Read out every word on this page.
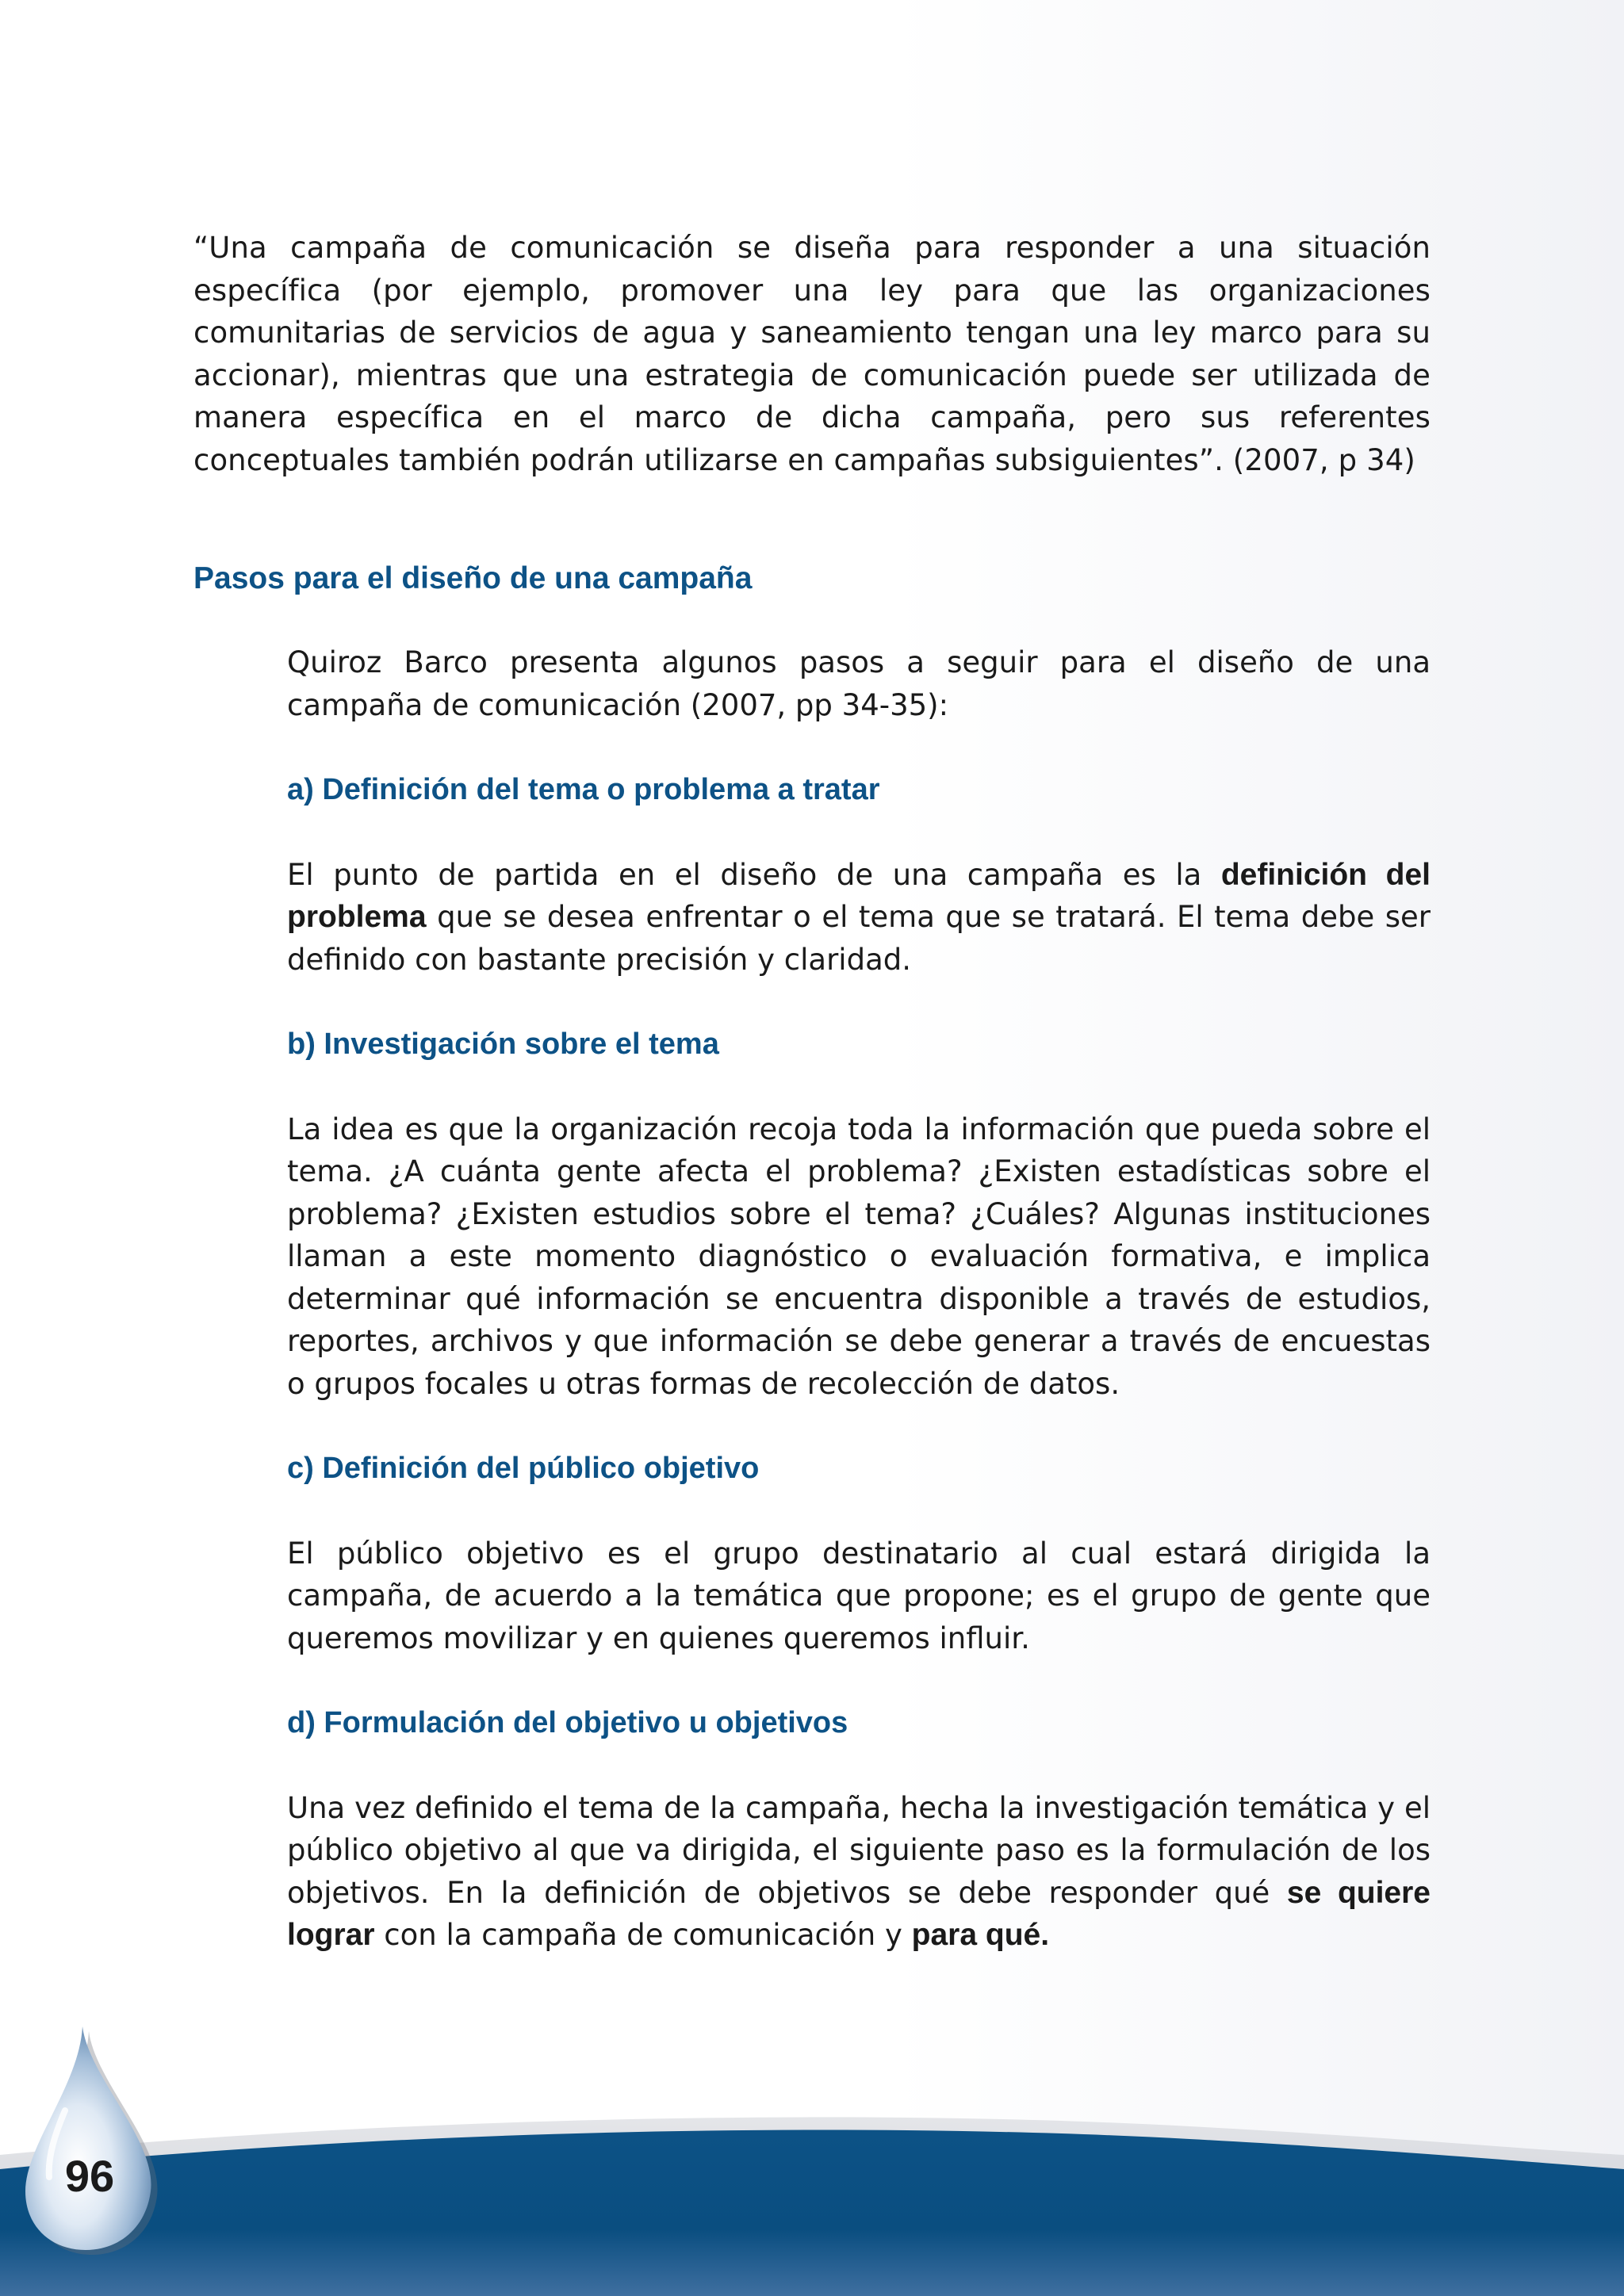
“Una campaña de comunicación se diseña para responder a una situación específica (por ejemplo, promover una ley para que las organizaciones comunitarias de servicios de agua y saneamiento tengan una ley marco para su accionar), mientras que una estrategia de comunicación puede ser utilizada de manera específica en el marco de dicha campaña, pero sus referentes conceptuales también podrán utilizarse en campañas subsiguientes”. (2007, p 34)

Pasos para el diseño de una campaña

Quiroz Barco presenta algunos pasos a seguir para el diseño de una campaña de comunicación (2007, pp 34-35):

a) Definición del tema o problema a tratar

El punto de partida en el diseño de una campaña es la definición del problema que se desea enfrentar o el tema que se tratará. El tema debe ser definido con bastante precisión y claridad.

b) Investigación sobre el tema

La idea es que la organización recoja toda la información que pueda sobre el tema. ¿A cuánta gente afecta el problema? ¿Existen estadísticas sobre el problema? ¿Existen estudios sobre el tema? ¿Cuáles? Algunas instituciones llaman a este momento diagnóstico o evaluación formativa, e implica determinar qué información se encuentra disponible a través de estudios, reportes, archivos y que información se debe generar a través de encuestas o grupos focales u otras formas de recolección de datos.

c) Definición del público objetivo

El público objetivo es el grupo destinatario al cual estará dirigida la campaña, de acuerdo a la temática que propone; es el grupo de gente que queremos movilizar y en quienes queremos influir.

d) Formulación del objetivo u objetivos

Una vez definido el tema de la campaña, hecha la investigación temática y el público objetivo al que va dirigida, el siguiente paso es la formulación de los objetivos. En la definición de objetivos se debe responder qué se quiere lograr con la campaña de comunicación y para qué.

96
